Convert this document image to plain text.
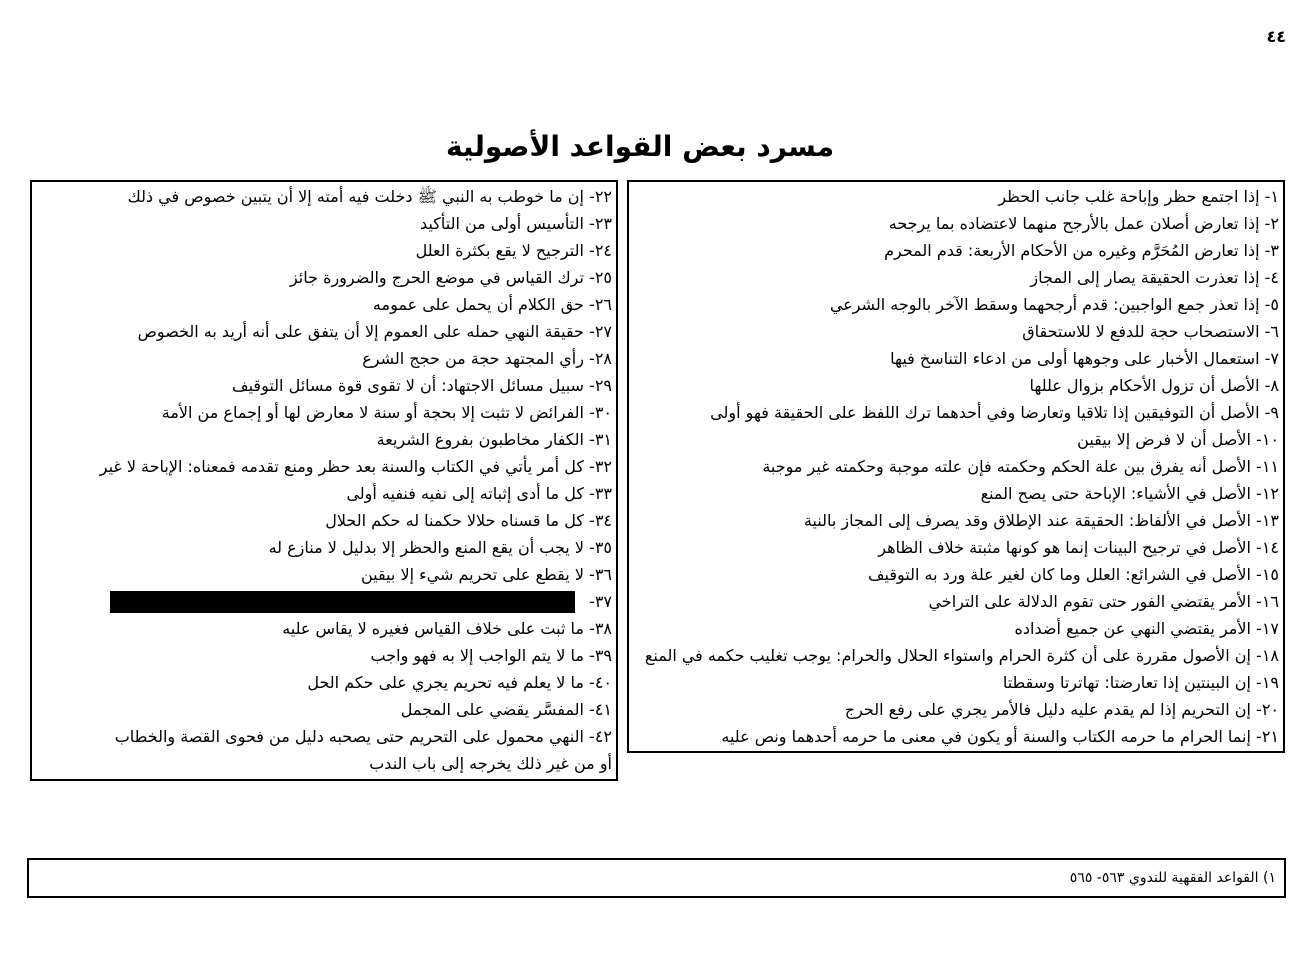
٤٤
مسرد بعض القواعد الأصولية
١- إذا اجتمع حظر وإباحة غلب جانب الحظر
٢- إذا تعارض أصلان عمل بالأرجح منهما لاعتضاده بما يرجحه
٣- إذا تعارض المُحَرَّم وغيره من الأحكام الأربعة: قدم المحرم
٤- إذا تعذرت الحقيقة يصار إلى المجاز
٥- إذا تعذر جمع الواجبين: قدم أرجحهما وسقط الآخر بالوجه الشرعي
٦- الاستصحاب حجة للدفع لا للاستحقاق
٧- استعمال الأخبار على وجوهها أولى من ادعاء التناسخ فيها
٨- الأصل أن تزول الأحكام بزوال عللها
٩- الأصل أن التوفيقين إذا تلاقيا وتعارضا وفي أحدهما ترك اللفظ على الحقيقة فهو أولى
١٠- الأصل أن لا فرض إلا بيقين
١١- الأصل أنه يفرق بين علة الحكم وحكمته فإن علته موجبة وحكمته غير موجبة
١٢- الأصل في الأشياء: الإباحة حتى يصح المنع
١٣- الأصل في الألفاظ: الحقيقة عند الإطلاق وقد يصرف إلى المجاز بالنية
١٤- الأصل في ترجيح البينات إنما هو كونها مثبتة خلاف الظاهر
١٥- الأصل في الشرائع: العلل وما كان لغير علة ورد به التوقيف
١٦- الأمر يقتضي الفور حتى تقوم الدلالة على التراخي
١٧- الأمر يقتضي النهي عن جميع أضداده
١٨- إن الأصول مقررة على أن كثرة الحرام واستواء الحلال والحرام: يوجب تغليب حكمه في المنع
١٩- إن البينتين إذا تعارضتا: تهاترتا وسقطتا
٢٠- إن التحريم إذا لم يقدم عليه دليل فالأمر يجري على رفع الحرج
٢١- إنما الحرام ما حرمه الكتاب والسنة أو يكون في معنى ما حرمه أحدهما ونص عليه
٢٢- إن ما خوطب به النبي ﷺ دخلت فيه أمته إلا أن يتبين خصوص في ذلك
٢٣- التأسيس أولى من التأكيد
٢٤- الترجيح لا يقع بكثرة العلل
٢٥- ترك القياس في موضع الحرج والضرورة جائز
٢٦- حق الكلام أن يحمل على عمومه
٢٧- حقيقة النهي حمله على العموم إلا أن يتفق على أنه أريد به الخصوص
٢٨- رأي المجتهد حجة من حجج الشرع
٢٩- سبيل مسائل الاجتهاد: أن لا تقوى قوة مسائل التوقيف
٣٠- الفرائض لا تثبت إلا بحجة أو سنة لا معارض لها أو إجماع من الأمة
٣١- الكفار مخاطبون بفروع الشريعة
٣٢- كل أمر يأتي في الكتاب والسنة بعد حظر ومنع تقدمه فمعناه: الإباحة لا غير
٣٣- كل ما أدى إثباته إلى نفيه فنفيه أولى
٣٤- كل ما قسناه حلالا حكمنا له حكم الحلال
٣٥- لا يجب أن يقع المنع والحظر إلا بدليل لا منازع له
٣٦- لا يقطع على تحريم شيء إلا بيقين
٣٧-
٣٨- ما ثبت على خلاف القياس فغيره لا يقاس عليه
٣٩- ما لا يتم الواجب إلا به فهو واجب
٤٠- ما لا يعلم فيه تحريم يجري على حكم الحل
٤١- المفسَّر يقضي على المجمل
٤٢- النهي محمول على التحريم حتى يصحبه دليل من فحوى القصة والخطاب
أو من غير ذلك يخرجه إلى باب الندب
١) القواعد الفقهية للندوي ٥٦٣- ٥٦٥
